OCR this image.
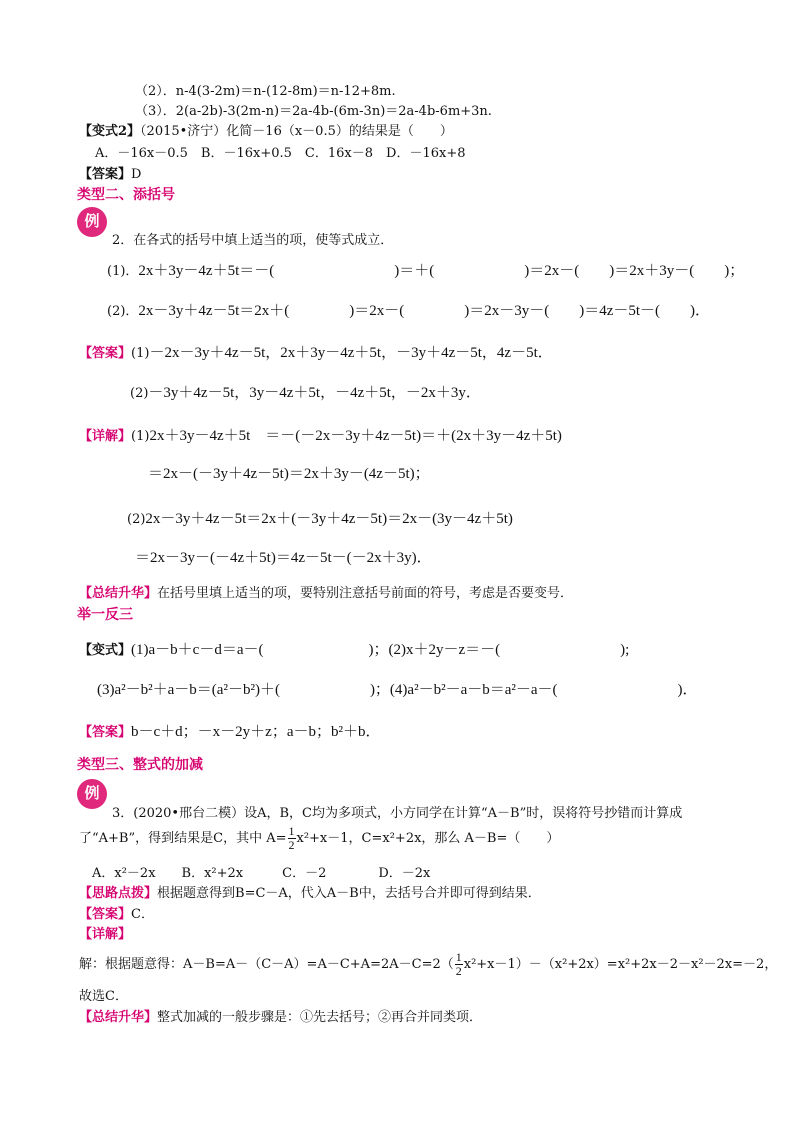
（2）．n-4(3-2m)＝n-(12-8m)＝n-12+8m.
（3）．2(a-2b)-3(2m-n)＝2a-4b-(6m-3n)＝2a-4b-6m+3n.
【变式2】（2015•济宁）化简－16（x－0.5）的结果是（　　）
A．－16x－0.5　B．－16x+0.5　C．16x－8　D．－16x+8
【答案】D
类型二、添括号
例
2．在各式的括号中填上适当的项，使等式成立．
(1)．2x＋3y－4z＋5t＝－(　　　　　　　　)＝＋(　　　　　　)＝2x－(　　)＝2x＋3y－(　　)；
(2)．2x－3y＋4z－5t＝2x＋(　　　　)＝2x－(　　　　)＝2x－3y－(　　)＝4z－5t－(　　)．
【答案】(1)－2x－3y＋4z－5t，2x＋3y－4z＋5t，－3y＋4z－5t，4z－5t．
(2)－3y＋4z－5t，3y－4z＋5t，－4z＋5t，－2x＋3y．
【详解】(1)2x＋3y－4z＋5t　＝－(－2x－3y＋4z－5t)＝＋(2x＋3y－4z＋5t)
＝2x－(－3y＋4z－5t)＝2x＋3y－(4z－5t)；
(2)2x－3y＋4z－5t＝2x＋(－3y＋4z－5t)＝2x－(3y－4z＋5t)
＝2x－3y－(－4z＋5t)＝4z－5t－(－2x＋3y)．
【总结升华】在括号里填上适当的项，要特别注意括号前面的符号，考虑是否要变号．
举一反三
【变式】(1)a－b＋c－d＝a－(　　　　　　　)；(2)x＋2y－z＝－(　　　　　　　　);
(3)a²－b²＋a－b＝(a²－b²)＋(　　　　　　)；(4)a²－b²－a－b＝a²－a－(　　　　　　　　)．
【答案】b－c＋d；－x－2y＋z；a－b；b²＋b．
类型三、整式的加减
例
3．(2020•邢台二模）设A，B，C均为多项式，小方同学在计算“A－B”时，误将符号抄错而计算成
了“A+B”，得到结果是C，其中 $A= \frac{1}{2} x^2+x-1$，C=x²+2x，那么 A－B=（　　）
A．x²－2x　　B．x²+2x　　　C．－2　　　　D．－2x
【思路点拨】根据题意得到B=C－A，代入A－B中，去括号合并即可得到结果．
【答案】C．
【详解】
解：根据题意得：$A-B=A-(C-A)=A-C+A=2A-C=2( \frac{1}{2} x^2+x-1)-(x^2+2x)=x^2+2x-2-x^2-2x=-2$，
故选C．
【总结升华】整式加减的一般步骤是：①先去括号；②再合并同类项．
